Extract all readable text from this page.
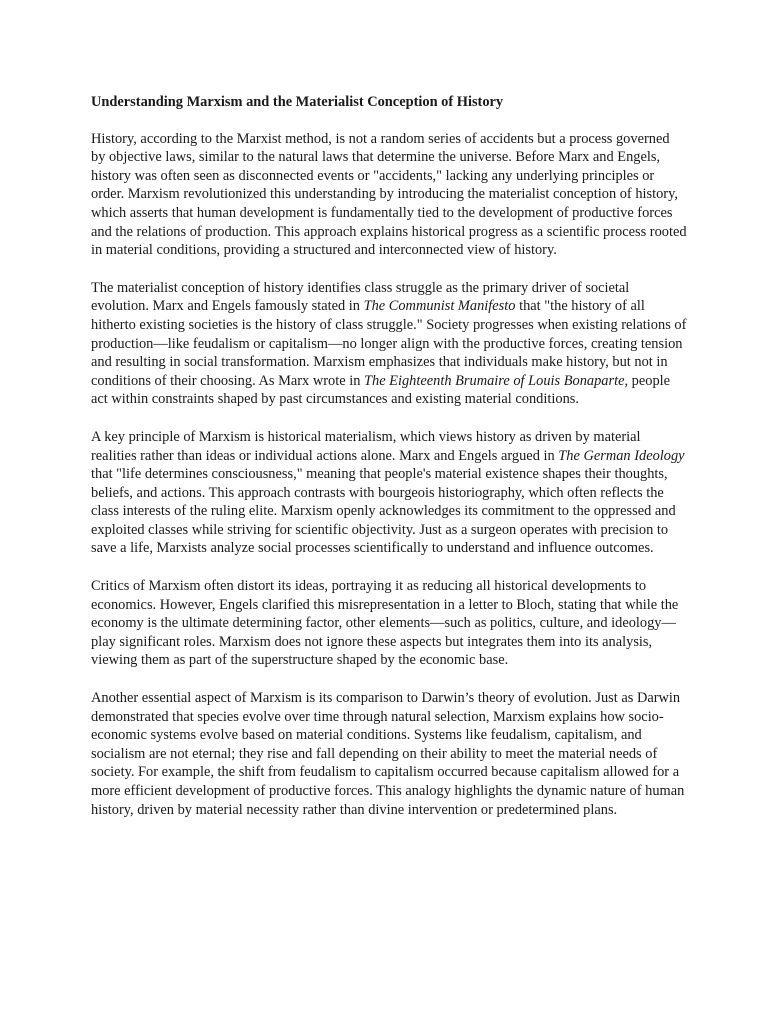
Understanding Marxism and the Materialist Conception of History

History, according to the Marxist method, is not a random series of accidents but a process governed by objective laws, similar to the natural laws that determine the universe. Before Marx and Engels, history was often seen as disconnected events or "accidents," lacking any underlying principles or order. Marxism revolutionized this understanding by introducing the materialist conception of history, which asserts that human development is fundamentally tied to the development of productive forces and the relations of production. This approach explains historical progress as a scientific process rooted in material conditions, providing a structured and interconnected view of history.

The materialist conception of history identifies class struggle as the primary driver of societal evolution. Marx and Engels famously stated in The Communist Manifesto that "the history of all hitherto existing societies is the history of class struggle." Society progresses when existing relations of production—like feudalism or capitalism—no longer align with the productive forces, creating tension and resulting in social transformation. Marxism emphasizes that individuals make history, but not in conditions of their choosing. As Marx wrote in The Eighteenth Brumaire of Louis Bonaparte, people act within constraints shaped by past circumstances and existing material conditions.

A key principle of Marxism is historical materialism, which views history as driven by material realities rather than ideas or individual actions alone. Marx and Engels argued in The German Ideology that "life determines consciousness," meaning that people's material existence shapes their thoughts, beliefs, and actions. This approach contrasts with bourgeois historiography, which often reflects the class interests of the ruling elite. Marxism openly acknowledges its commitment to the oppressed and exploited classes while striving for scientific objectivity. Just as a surgeon operates with precision to save a life, Marxists analyze social processes scientifically to understand and influence outcomes.

Critics of Marxism often distort its ideas, portraying it as reducing all historical developments to economics. However, Engels clarified this misrepresentation in a letter to Bloch, stating that while the economy is the ultimate determining factor, other elements—such as politics, culture, and ideology—play significant roles. Marxism does not ignore these aspects but integrates them into its analysis, viewing them as part of the superstructure shaped by the economic base.

Another essential aspect of Marxism is its comparison to Darwin’s theory of evolution. Just as Darwin demonstrated that species evolve over time through natural selection, Marxism explains how socio-economic systems evolve based on material conditions. Systems like feudalism, capitalism, and socialism are not eternal; they rise and fall depending on their ability to meet the material needs of society. For example, the shift from feudalism to capitalism occurred because capitalism allowed for a more efficient development of productive forces. This analogy highlights the dynamic nature of human history, driven by material necessity rather than divine intervention or predetermined plans.
